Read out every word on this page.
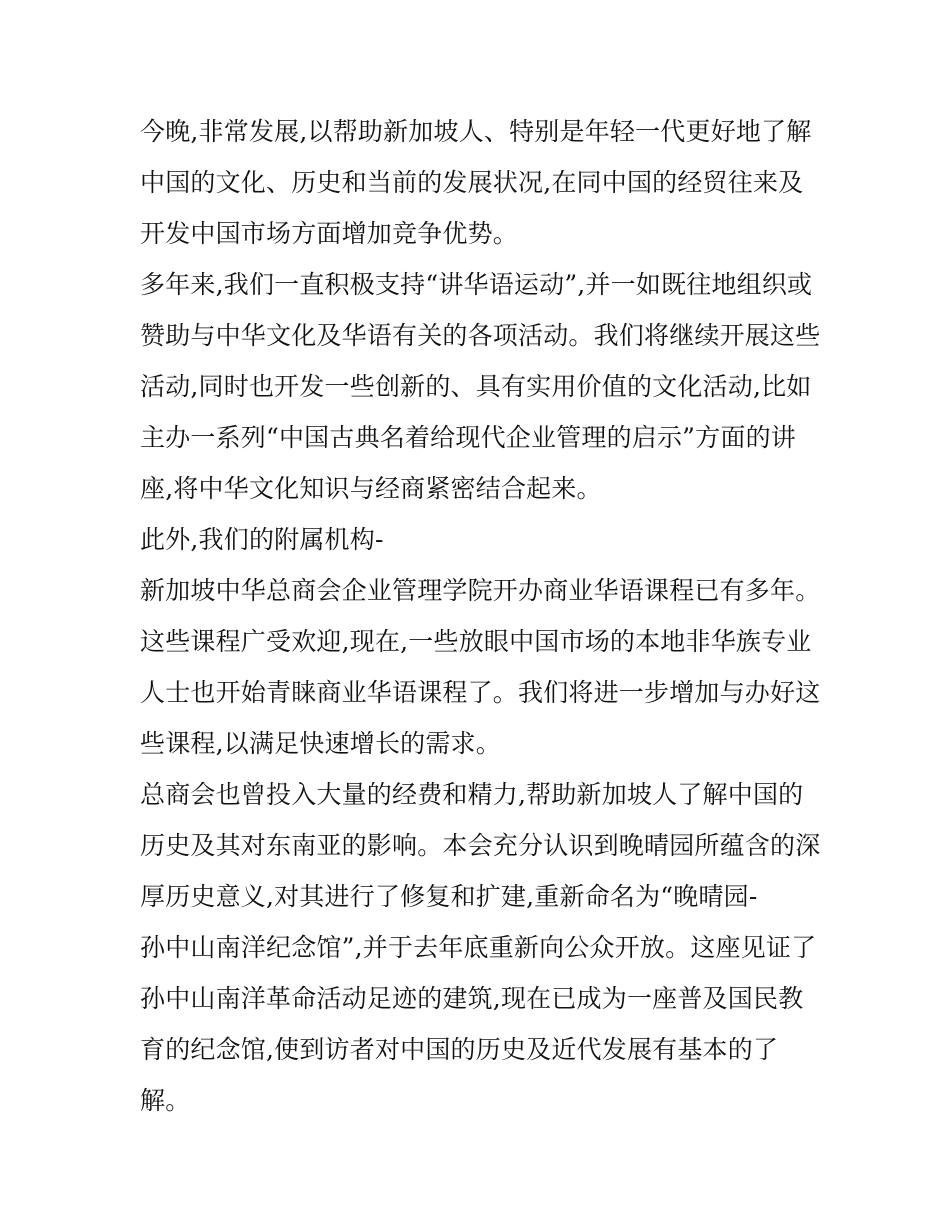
今晚,非常发展,以帮助新加坡人、特别是年轻一代更好地了解
中国的文化、历史和当前的发展状况,在同中国的经贸往来及
开发中国市场方面增加竞争优势。
多年来,我们一直积极支持“讲华语运动”,并一如既往地组织或
赞助与中华文化及华语有关的各项活动。我们将继续开展这些
活动,同时也开发一些创新的、具有实用价值的文化活动,比如
主办一系列“中国古典名着给现代企业管理的启示”方面的讲
座,将中华文化知识与经商紧密结合起来。
此外,我们的附属机构-
新加坡中华总商会企业管理学院开办商业华语课程已有多年。
这些课程广受欢迎,现在,一些放眼中国市场的本地非华族专业
人士也开始青睐商业华语课程了。我们将进一步增加与办好这
些课程,以满足快速增长的需求。
总商会也曾投入大量的经费和精力,帮助新加坡人了解中国的
历史及其对东南亚的影响。本会充分认识到晚晴园所蕴含的深
厚历史意义,对其进行了修复和扩建,重新命名为“晚晴园-
孙中山南洋纪念馆”,并于去年底重新向公众开放。这座见证了
孙中山南洋革命活动足迹的建筑,现在已成为一座普及国民教
育的纪念馆,使到访者对中国的历史及近代发展有基本的了
解。
